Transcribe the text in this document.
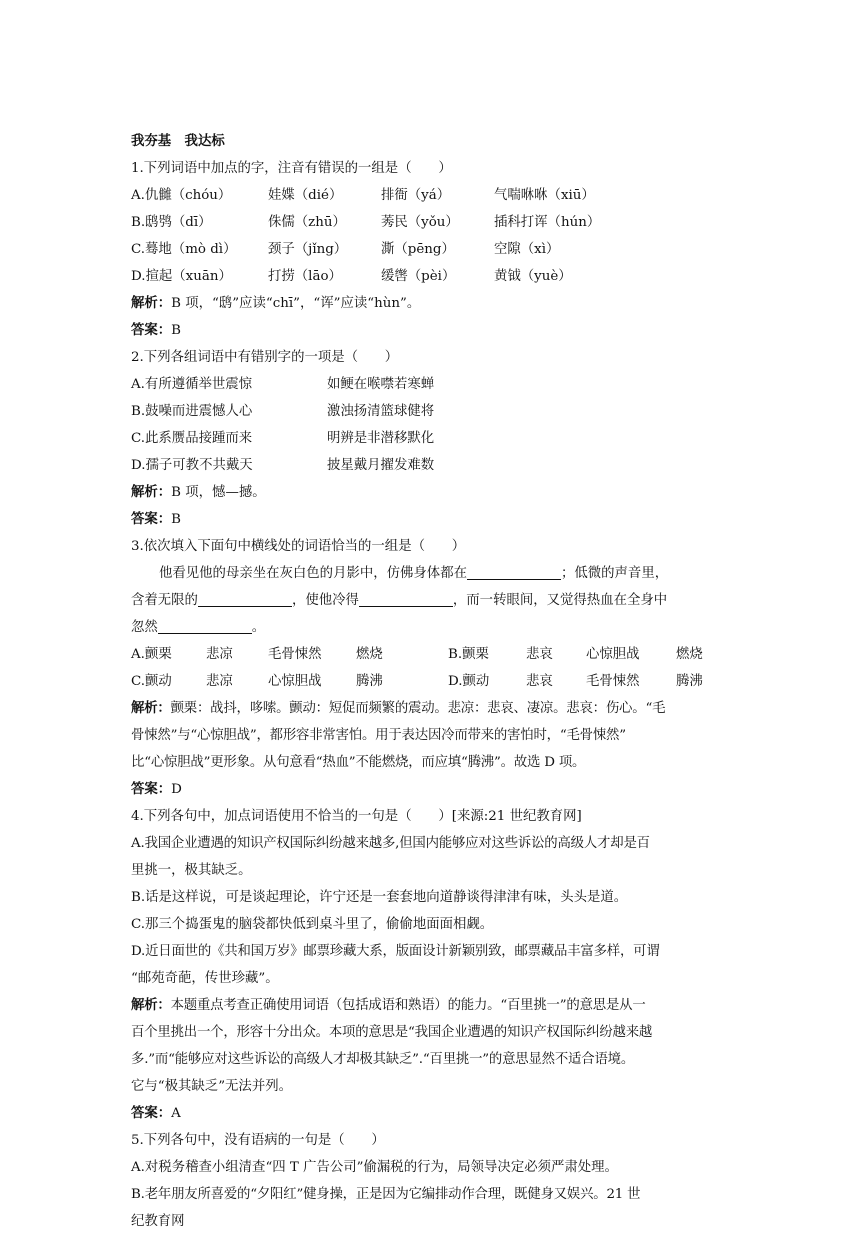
我夯基　我达标
1.下列词语中加点的字，注音有错误的一组是（　　）
A.仇雠（chóu）	娃媟（dié）	排衙（yá）	气喘咻咻（xiū）
B.鸱鸮（dī）	侏儒（zhū）	莠民（yǒu）	插科打诨（hún）
C.蓦地（mò dì） 颈子（jǐng）	澌（pēng）	空隙（xì）
D.揎起（xuān）	打捞（lāo）	缓辔（pèi）	黄钺（yuè）
解析：B 项，“鸱”应读“chī”，“诨”应读“hùn”。
答案：B
2.下列各组词语中有错别字的一项是（　　）
A.有所遵循举世震惊	如鲠在喉噤若寒蝉
B.鼓噪而进震憾人心	激浊扬清篮球健将
C.此系赝品接踵而来	明辨是非潜移默化
D.孺子可教不共戴天	披星戴月擢发难数
解析：B 项，憾—撼。
答案：B
3.依次填入下面句中横线处的词语恰当的一组是（　　）
他看见他的母亲坐在灰白色的月影中，仿佛身体都在	；低微的声音里，
含着无限的	，使他冷得	，而一转眼间，又觉得热血在全身中
忽然	。
A.颤栗	悲凉	毛骨悚然	燃烧	B.颤栗	悲哀 心惊胆战	燃烧
C.颤动	悲凉	心惊胆战	腾沸	D.颤动	悲哀 毛骨悚然	腾沸
解析：颤栗：战抖，哆嗦。颤动：短促而频繁的震动。悲凉：悲哀、凄凉。悲哀：伤心。“毛
骨悚然”与“心惊胆战”，都形容非常害怕。用于表达因冷而带来的害怕时，“毛骨悚然”
比“心惊胆战”更形象。从句意看“热血”不能燃烧，而应填“腾沸”。故选 D 项。
答案：D
4.下列各句中，加点词语使用不恰当的一句是（　　）[来源:21 世纪教育网]
A.我国企业遭遇的知识产权国际纠纷越来越多,但国内能够应对这些诉讼的高级人才却是百
里挑一，极其缺乏。
B.话是这样说，可是谈起理论，许宁还是一套套地向道静谈得津津有味，头头是道。
C.那三个捣蛋鬼的脑袋都快低到桌斗里了，偷偷地面面相觑。
D.近日面世的《共和国万岁》邮票珍藏大系，版面设计新颖别致，邮票藏品丰富多样，可谓
“邮苑奇葩，传世珍藏”。
解析：本题重点考查正确使用词语（包括成语和熟语）的能力。“百里挑一”的意思是从一
百个里挑出一个，形容十分出众。本项的意思是“我国企业遭遇的知识产权国际纠纷越来越
多.”而“能够应对这些诉讼的高级人才却极其缺乏”.“百里挑一”的意思显然不适合语境。
它与“极其缺乏”无法并列。
答案：A
5.下列各句中，没有语病的一句是（　　）
A.对税务稽查小组清查“四 T 广告公司”偷漏税的行为，局领导决定必须严肃处理。
B.老年朋友所喜爱的“夕阳红”健身操，正是因为它编排动作合理，既健身又娱兴。21 世
纪教育网
